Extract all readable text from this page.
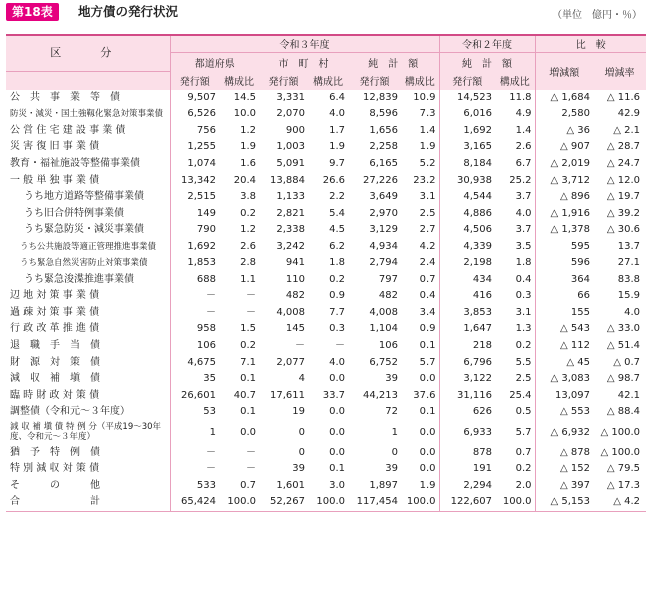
第18表	地方債の発行状況	（単位　億円・％）
区　分	令和３年度						令和２年度		比　較	
	都道府県		市　町　村		純　計　額		純　計　額		増減額	増減率
	発行額	構成比	発行額	構成比	発行額	構成比	発行額	構成比		
公　共　事　業　等　債	9,507	14.5	3,331	6.4	12,839	10.9	14,523	11.8	△ 1,684	△ 11.6
防災・減災・国土強靱化緊急対策事業債	6,526	10.0	2,070	4.0	8,596	7.3	6,016	4.9	2,580	42.9
公 営 住 宅 建 設 事 業 債	756	1.2	900	1.7	1,656	1.4	1,692	1.4	△ 36	△ 2.1
災 害 復 旧 事 業 債	1,255	1.9	1,003	1.9	2,258	1.9	3,165	2.6	△ 907	△ 28.7
教育・福祉施設等整備事業債	1,074	1.6	5,091	9.7	6,165	5.2	8,184	6.7	△ 2,019	△ 24.7
一 般 単 独 事 業 債	13,342	20.4	13,884	26.6	27,226	23.2	30,938	25.2	△ 3,712	△ 12.0
うち地方道路等整備事業債	2,515	3.8	1,133	2.2	3,649	3.1	4,544	3.7	△ 896	△ 19.7
うち旧合併特例事業債	149	0.2	2,821	5.4	2,970	2.5	4,886	4.0	△ 1,916	△ 39.2
うち緊急防災・減災事業債	790	1.2	2,338	4.5	3,129	2.7	4,506	3.7	△ 1,378	△ 30.6
うち公共施設等適正管理推進事業債	1,692	2.6	3,242	6.2	4,934	4.2	4,339	3.5	595	13.7
うち緊急自然災害防止対策事業債	1,853	2.8	941	1.8	2,794	2.4	2,198	1.8	596	27.1
うち緊急浚渫推進事業債	688	1.1	110	0.2	797	0.7	434	0.4	364	83.8
辺 地 対 策 事 業 債	－	－	482	0.9	482	0.4	416	0.3	66	15.9
過 疎 対 策 事 業 債	－	－	4,008	7.7	4,008	3.4	3,853	3.1	155	4.0
行 政 改 革 推 進 債	958	1.5	145	0.3	1,104	0.9	1,647	1.3	△ 543	△ 33.0
退　職　手　当　債	106	0.2	－	－	106	0.1	218	0.2	△ 112	△ 51.4
財　源　対　策　債	4,675	7.1	2,077	4.0	6,752	5.7	6,796	5.5	△ 45	△ 0.7
減　収　補　塡　債	35	0.1	4	0.0	39	0.0	3,122	2.5	△ 3,083	△ 98.7
臨 時 財 政 対 策 債	26,601	40.7	17,611	33.7	44,213	37.6	31,116	25.4	13,097	42.1
調整債（令和元～３年度）	53	0.1	19	0.0	72	0.1	626	0.5	△ 553	△ 88.4
減 収 補 塡 債 特 例 分（平成19～30年度、令和元～３年度）	1	0.0	0	0.0	1	0.0	6,933	5.7	△ 6,932	△ 100.0
猶　予　特　例　債	－	－	0	0.0	0	0.0	878	0.7	△ 878	△ 100.0
特 別 減 収 対 策 債	－	－	39	0.1	39	0.0	191	0.2	△ 152	△ 79.5
そ　　　の　　　他	533	0.7	1,601	3.0	1,897	1.9	2,294	2.0	△ 397	△ 17.3
合　　　　　　　計	65,424	100.0	52,267	100.0	117,454	100.0	122,607	100.0	△ 5,153	△ 4.2
